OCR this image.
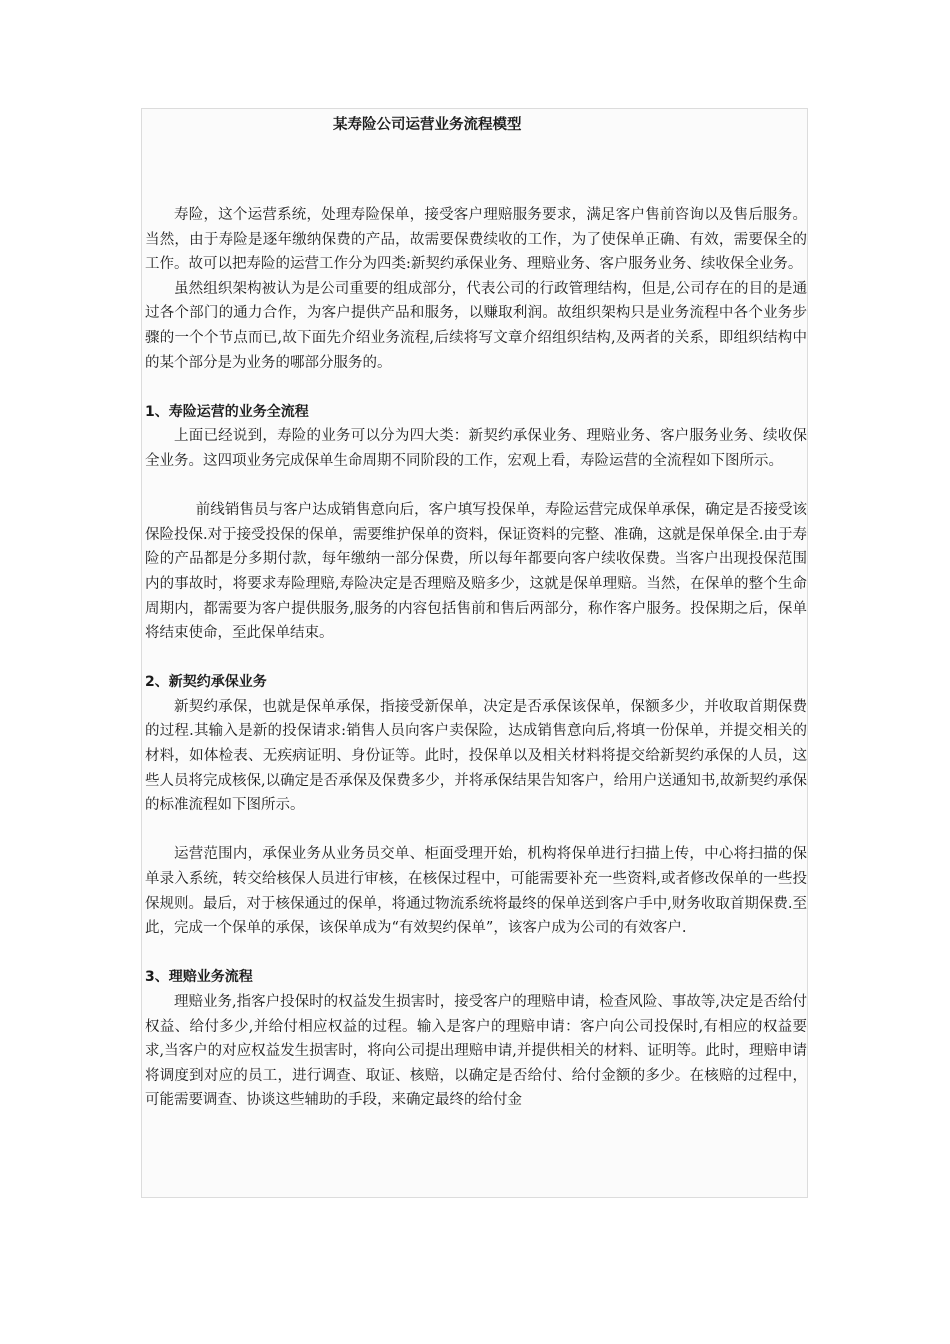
某寿险公司运营业务流程模型

寿险，这个运营系统，处理寿险保单，接受客户理赔服务要求，满足客户售前咨询以及售后服务。当然，由于寿险是逐年缴纳保费的产品，故需要保费续收的工作，为了使保单正确、有效，需要保全的工作。故可以把寿险的运营工作分为四类:新契约承保业务、理赔业务、客户服务业务、续收保全业务。

虽然组织架构被认为是公司重要的组成部分，代表公司的行政管理结构，但是,公司存在的目的是通过各个部门的通力合作，为客户提供产品和服务，以赚取利润。故组织架构只是业务流程中各个业务步骤的一个个节点而已,故下面先介绍业务流程,后续将写文章介绍组织结构,及两者的关系，即组织结构中的某个部分是为业务的哪部分服务的。

1、寿险运营的业务全流程

上面已经说到，寿险的业务可以分为四大类：新契约承保业务、理赔业务、客户服务业务、续收保全业务。这四项业务完成保单生命周期不同阶段的工作，宏观上看，寿险运营的全流程如下图所示。

前线销售员与客户达成销售意向后，客户填写投保单，寿险运营完成保单承保，确定是否接受该保险投保.对于接受投保的保单，需要维护保单的资料，保证资料的完整、准确，这就是保单保全.由于寿险的产品都是分多期付款，每年缴纳一部分保费，所以每年都要向客户续收保费。当客户出现投保范围内的事故时，将要求寿险理赔,寿险决定是否理赔及赔多少，这就是保单理赔。当然，在保单的整个生命周期内，都需要为客户提供服务,服务的内容包括售前和售后两部分，称作客户服务。投保期之后，保单将结束使命，至此保单结束。

2、新契约承保业务

新契约承保，也就是保单承保，指接受新保单，决定是否承保该保单，保额多少，并收取首期保费的过程.其输入是新的投保请求:销售人员向客户卖保险，达成销售意向后,将填一份保单，并提交相关的材料，如体检表、无疾病证明、身份证等。此时，投保单以及相关材料将提交给新契约承保的人员，这些人员将完成核保,以确定是否承保及保费多少，并将承保结果告知客户，给用户送通知书,故新契约承保的标准流程如下图所示。

运营范围内，承保业务从业务员交单、柜面受理开始，机构将保单进行扫描上传，中心将扫描的保单录入系统，转交给核保人员进行审核，在核保过程中，可能需要补充一些资料,或者修改保单的一些投保规则。最后，对于核保通过的保单，将通过物流系统将最终的保单送到客户手中,财务收取首期保费.至此，完成一个保单的承保，该保单成为“有效契约保单”，该客户成为公司的有效客户.

3、理赔业务流程

理赔业务,指客户投保时的权益发生损害时，接受客户的理赔申请，检查风险、事故等,决定是否给付权益、给付多少,并给付相应权益的过程。输入是客户的理赔申请：客户向公司投保时,有相应的权益要求,当客户的对应权益发生损害时，将向公司提出理赔申请,并提供相关的材料、证明等。此时，理赔申请将调度到对应的员工，进行调查、取证、核赔，以确定是否给付、给付金额的多少。在核赔的过程中，可能需要调查、协谈这些辅助的手段，来确定最终的给付金
